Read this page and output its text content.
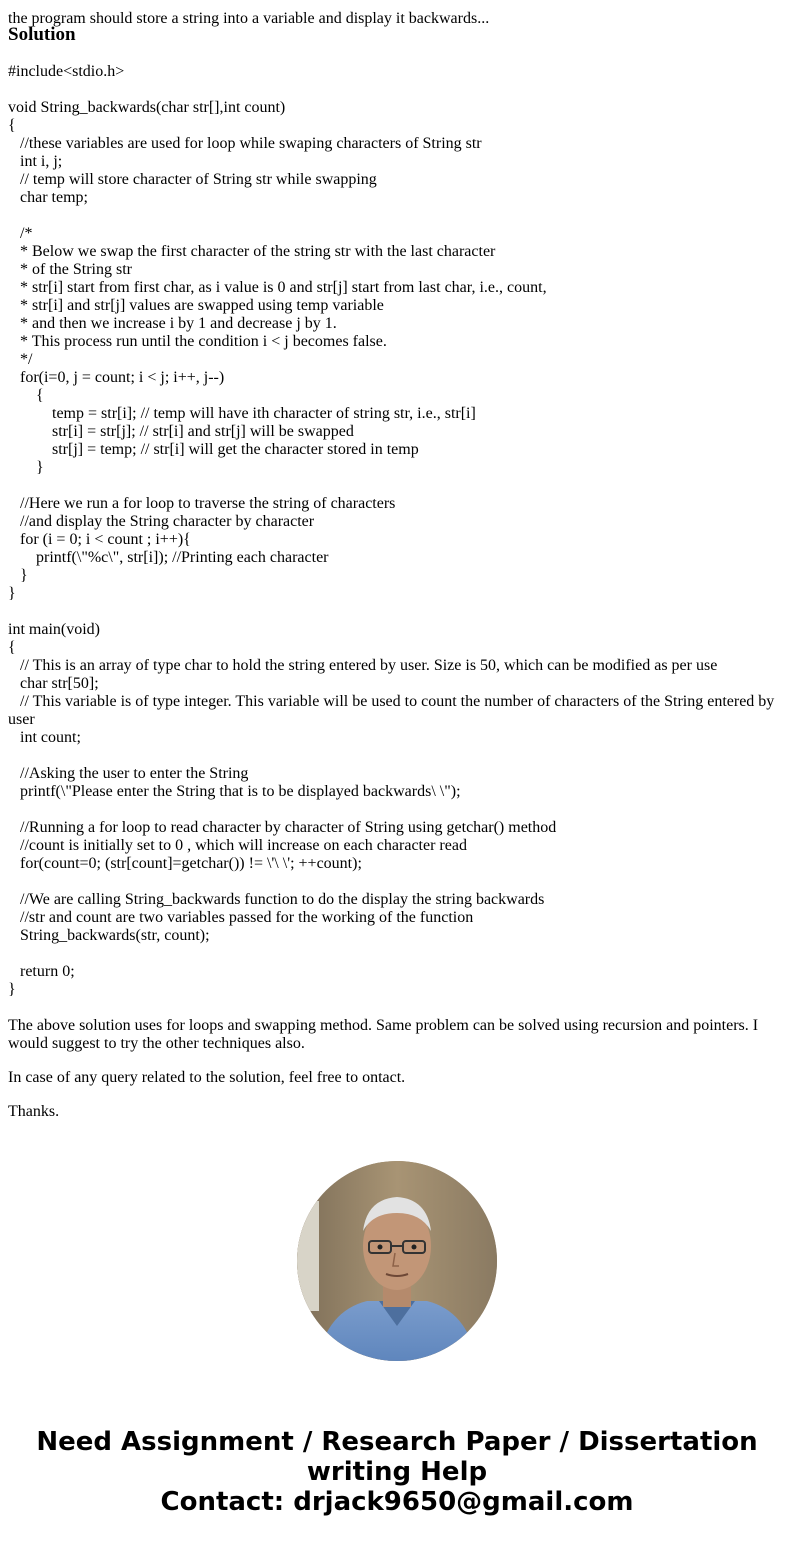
the program should store a string into a variable and display it backwards...
Solution
#include<stdio.h>
void String_backwards(char str[],int count)
{
//these variables are used for loop while swaping characters of String str
int i, j;
// temp will store character of String str while swapping
char temp;
/*
* Below we swap the first character of the string str with the last character
* of the String str
* str[i] start from first char, as i value is 0 and str[j] start from last char, i.e., count,
* str[i] and str[j] values are swapped using temp variable
* and then we increase i by 1 and decrease j by 1.
* This process run until the condition i < j becomes false.
*/
for(i=0, j = count; i < j; i++, j--)
{
temp = str[i]; // temp will have ith character of string str, i.e., str[i]
str[i] = str[j]; // str[i] and str[j] will be swapped
str[j] = temp; // str[i] will get the character stored in temp
}
//Here we run a for loop to traverse the string of characters
//and display the String character by character
for (i = 0; i < count ; i++){
printf(\"%c\", str[i]); //Printing each character
}
}
int main(void)
{
// This is an array of type char to hold the string entered by user. Size is 50, which can be modified as per use
char str[50];
// This variable is of type integer. This variable will be used to count the number of characters of the String entered by user
int count;
//Asking the user to enter the String
printf(\"Please enter the String that is to be displayed backwards\ \");
//Running a for loop to read character by character of String using getchar() method
//count is initially set to 0 , which will increase on each character read
for(count=0; (str[count]=getchar()) != \'\ \'; ++count);
//We are calling String_backwards function to do the display the string backwards
//str and count are two variables passed for the working of the function
String_backwards(str, count);
return 0;
}

The above solution uses for loops and swapping method. Same problem can be solved using recursion and pointers. I would suggest to try the other techniques also.

In case of any query related to the solution, feel free to ontact.

Thanks.

Need Assignment / Research Paper / Dissertation writing Help
Contact: drjack9650@gmail.com
